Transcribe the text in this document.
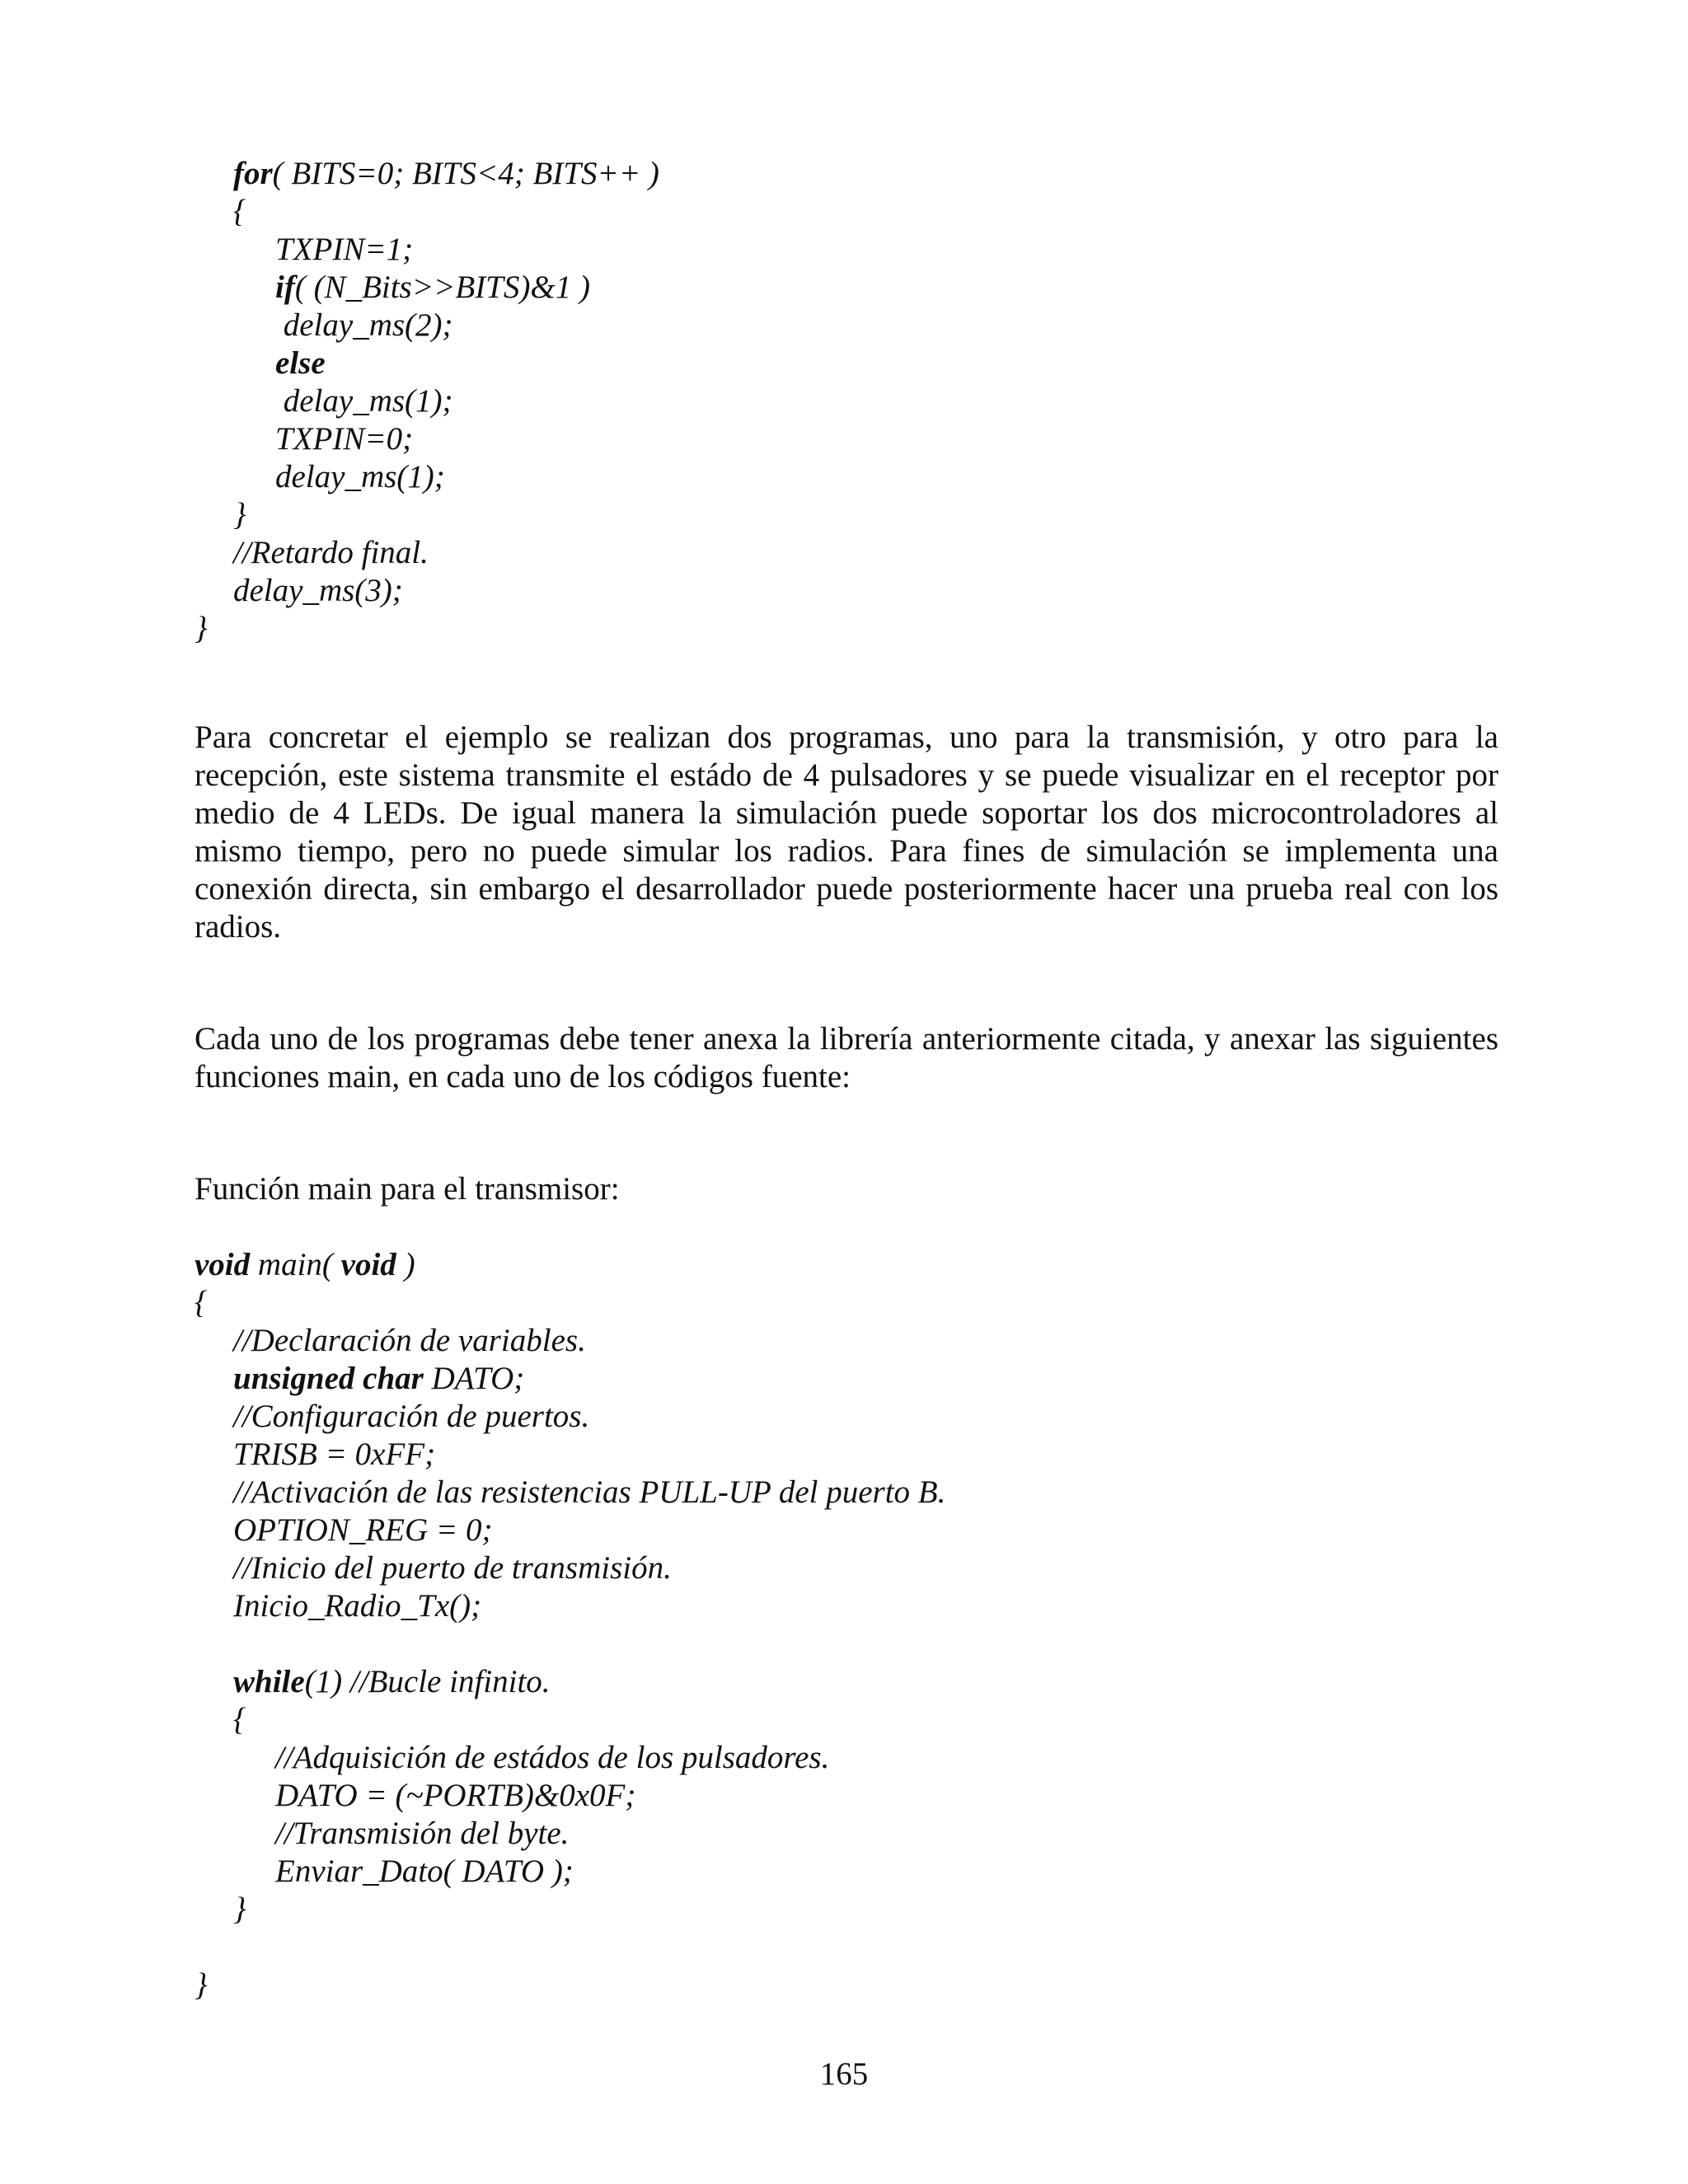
for( BITS=0; BITS<4; BITS++ )
{
TXPIN=1;
if( (N_Bits>>BITS)&1 )
delay_ms(2);
else
delay_ms(1);
TXPIN=0;
delay_ms(1);
}
//Retardo final.
delay_ms(3);
}

Para concretar el ejemplo se realizan dos programas, uno para la transmisión, y otro para la recepción, este sistema transmite el estádo de 4 pulsadores y se puede visualizar en el receptor por medio de 4 LEDs. De igual manera la simulación puede soportar los dos microcontroladores al mismo tiempo, pero no puede simular los radios. Para fines de simulación se implementa una conexión directa, sin embargo el desarrollador puede posteriormente hacer una prueba real con los radios.

Cada uno de los programas debe tener anexa la librería anteriormente citada, y anexar las siguientes funciones main, en cada uno de los códigos fuente:

Función main para el transmisor:
void main( void )
{
//Declaración de variables.
unsigned char DATO;
//Configuración de puertos.
TRISB = 0xFF;
//Activación de las resistencias PULL-UP del puerto B.
OPTION_REG = 0;
//Inicio del puerto de transmisión.
Inicio_Radio_Tx();
while(1) //Bucle infinito.
{
//Adquisición de estádos de los pulsadores.
DATO = (~PORTB)&0x0F;
//Transmisión del byte.
Enviar_Dato( DATO );
}
}
165
